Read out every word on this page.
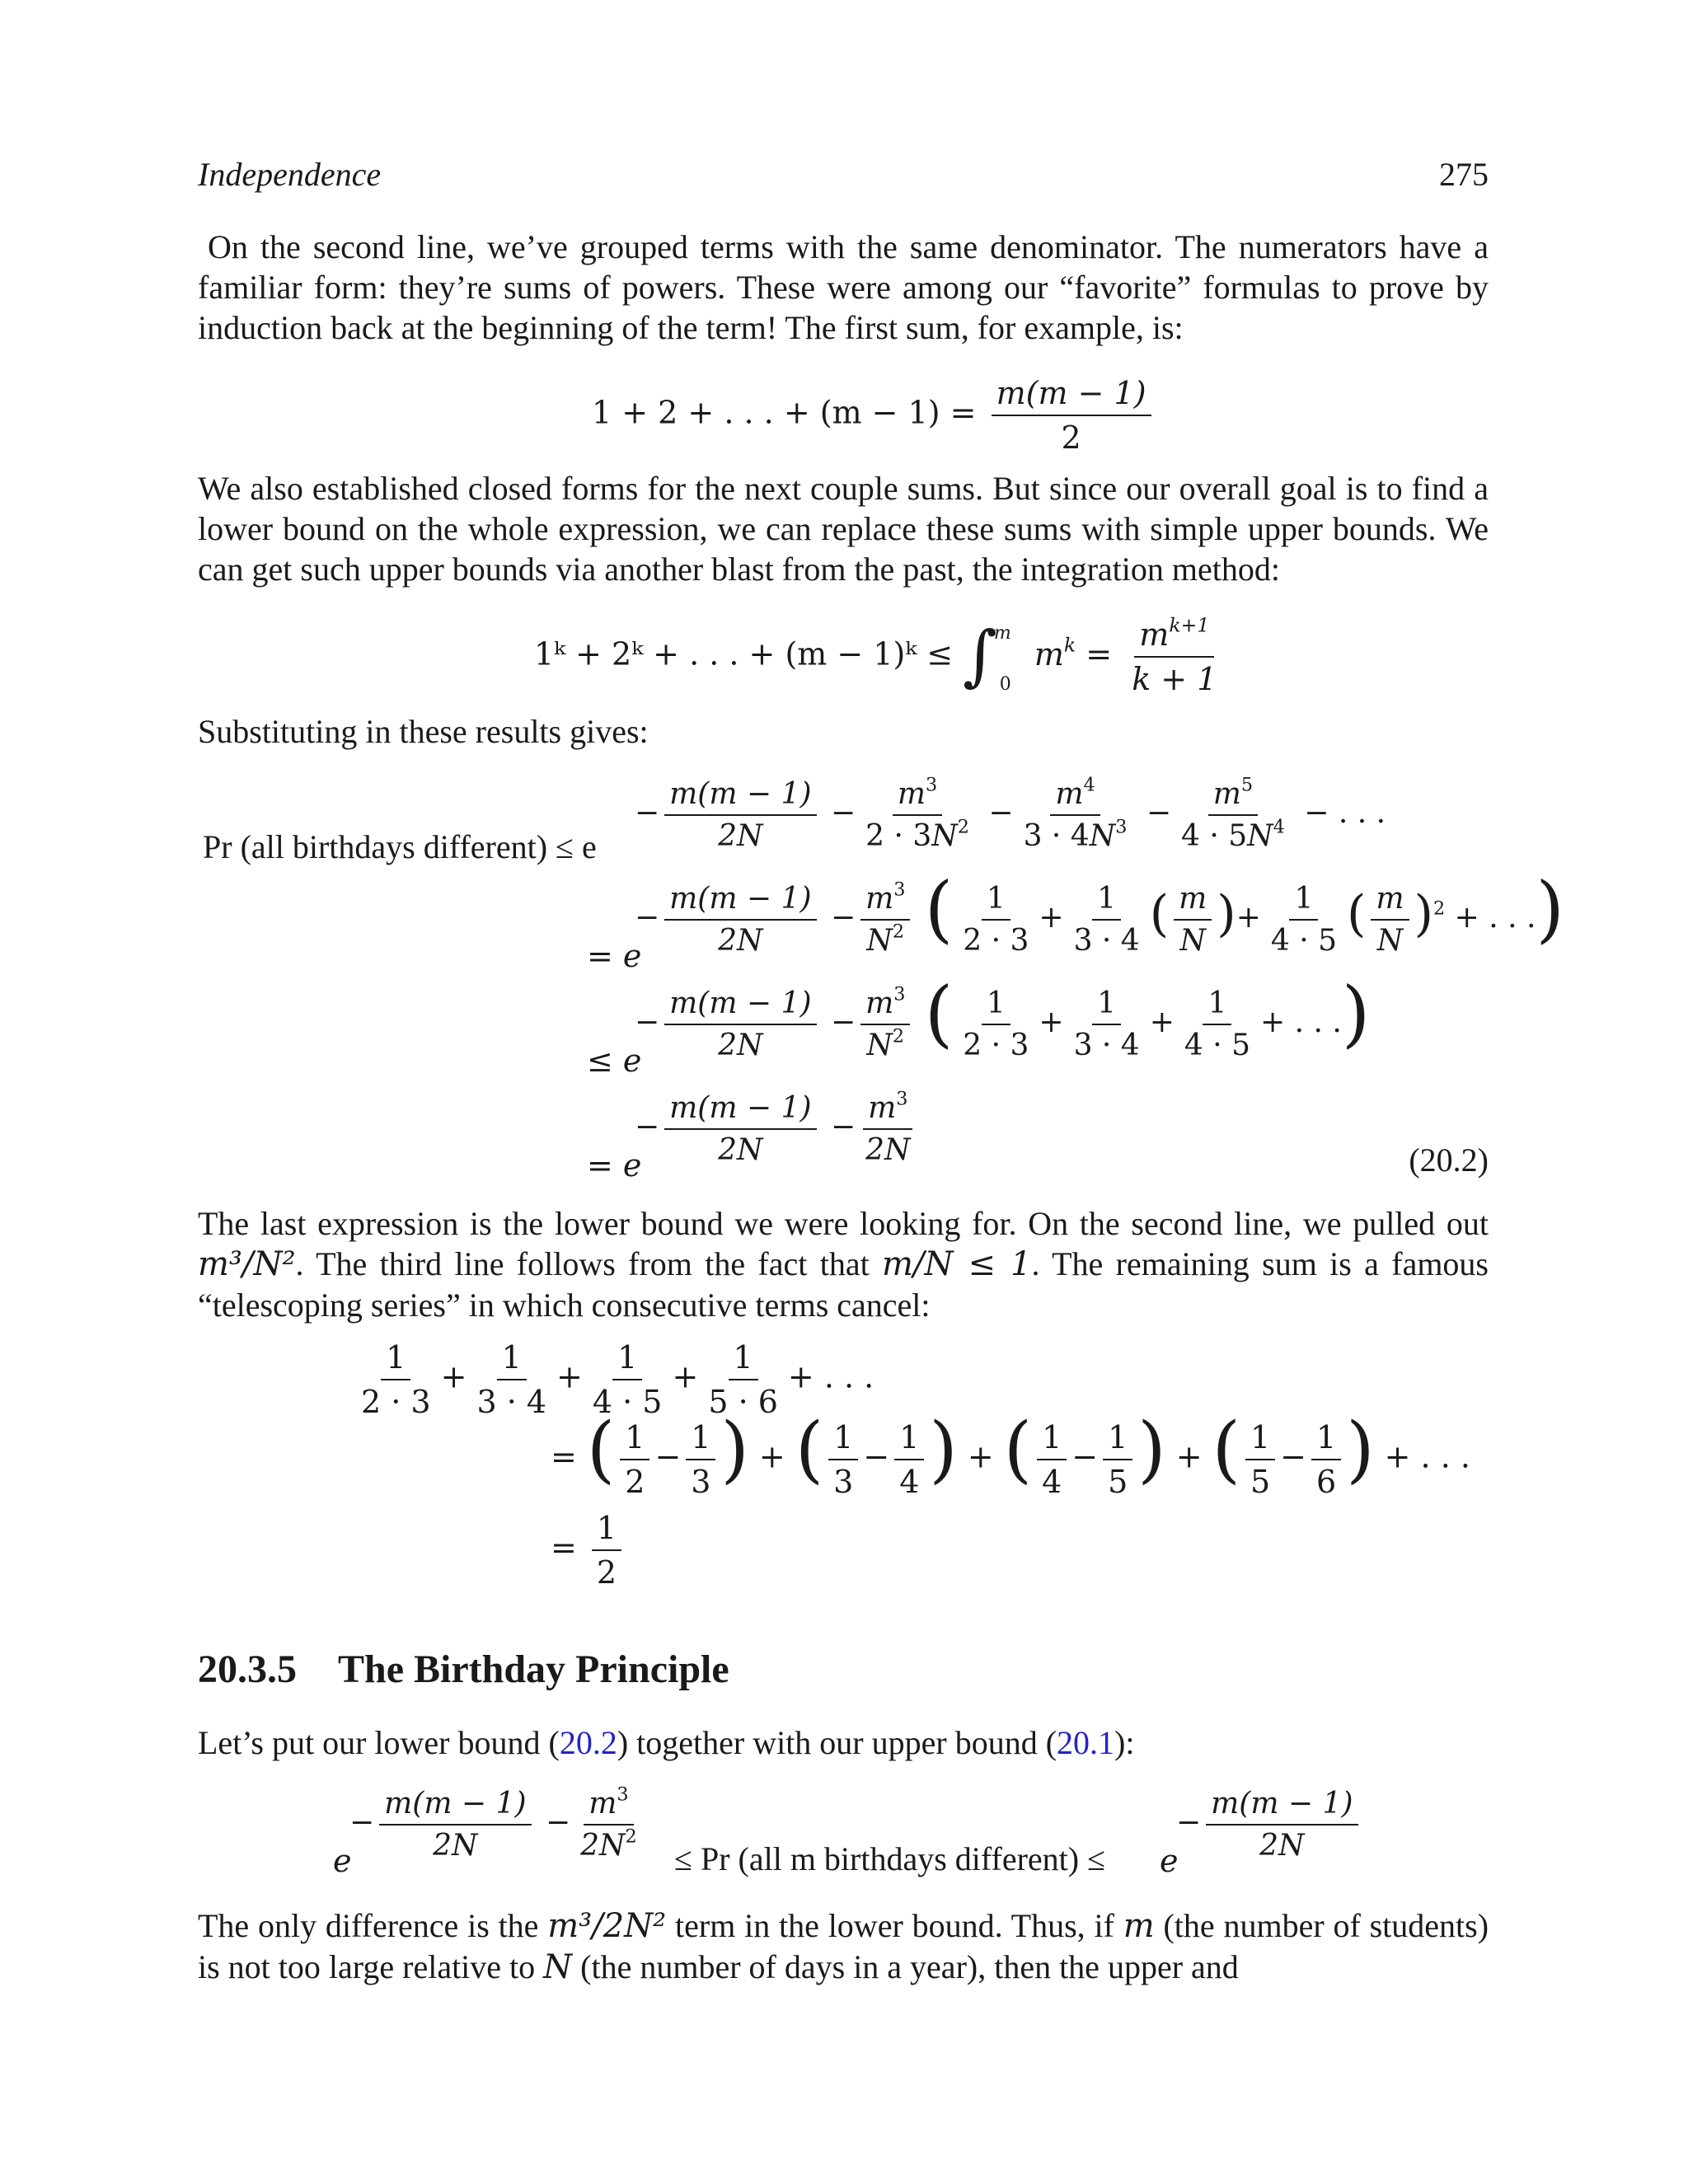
Independence	275
On the second line, we’ve grouped terms with the same denominator. The numerators have a familiar form: they’re sums of powers. These were among our “favorite” formulas to prove by induction back at the beginning of the term! The first sum, for example, is:
1 + 2 + . . . + $(m - 1) = \frac{m(m - 1)}{2}$
We also established closed forms for the next couple sums. But since our overall goal is to find a lower bound on the whole expression, we can replace these sums with simple upper bounds. We can get such upper bounds via another blast from the past, the integration method:
1ᵏ + 2ᵏ + . . . + (m − 1)ᵏ ≤ ∫$^m_0$ $m^k = \frac{m^{k+1}}{k + 1}$
Substituting in these results gives:
Pr (all birthdays different) ≤ e
− $\frac{m(m - 1)}{2N} - \frac{m^3}{2 \cdot 3N^2} - \frac{m^4}{3 \cdot 4N^3} - \frac{m^5}{4 \cdot 5N^4}$ − . . .
= e
− $\frac{m(m - 1)}{2N} - \frac{m^3}{N^2}$ ( $\frac{1}{2 \cdot 3} + \frac{1}{3 \cdot 4}$ ( $\frac{m}{N}$ )+ $\frac{1}{4 \cdot 5}$ ( $\frac{m}{N} )^2$ + . . .)
≤ e
− $\frac{m(m - 1)}{2N} - \frac{m^3}{N^2}$ ( $\frac{1}{2 \cdot 3} + \frac{1}{3 \cdot 4} + \frac{1}{4 \cdot 5}$ + . . .)
= e
− $\frac{m(m - 1)}{2N} - \frac{m^3}{2N}$	(20.2)
The last expression is the lower bound we were looking for. On the second line, we pulled out m³/N². The third line follows from the fact that m/N ≤ 1. The remaining sum is a famous “telescoping series” in which consecutive terms cancel:
$\frac{1}{2 \cdot 3} + \frac{1}{3 \cdot 4} + \frac{1}{4 \cdot 5} + \frac{1}{5 \cdot 6}$ + . . .
= ( $\frac{1}{2} - \frac{1}{3}$ ) + ( $\frac{1}{3} - \frac{1}{4}$ ) + ( $\frac{1}{4} - \frac{1}{5}$ ) + ( $\frac{1}{5} - \frac{1}{6}$ ) + . . .
= $\frac{1}{2}$
20.3.5 The Birthday Principle
Let’s put our lower bound (20.2) together with our upper bound (20.1):
e
− $\frac{m(m - 1)}{2N} - \frac{m^3}{2N^2} \le Pr$ (all m birthdays different) ≤ e
− $\frac{m(m - 1)}{2N}$
The only difference is the m³/2N² term in the lower bound. Thus, if m (the number of students) is not too large relative to N (the number of days in a year), then the upper and
